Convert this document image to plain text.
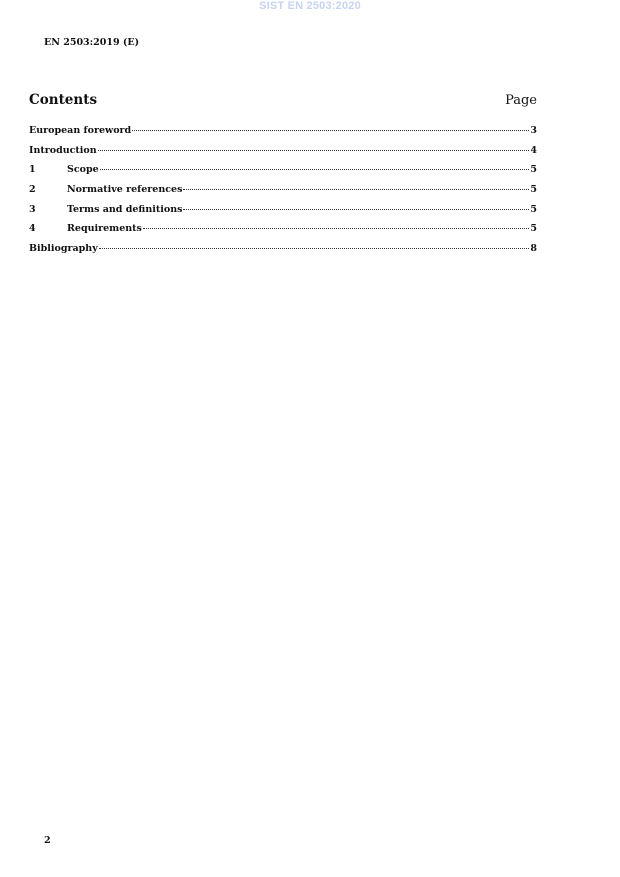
SIST EN 2503:2020
EN 2503:2019 (E)
Contents	Page
European foreword	3
Introduction	4
1	Scope	5
2	Normative references	5
3	Terms and definitions	5
4	Requirements	5
Bibliography	8
2
